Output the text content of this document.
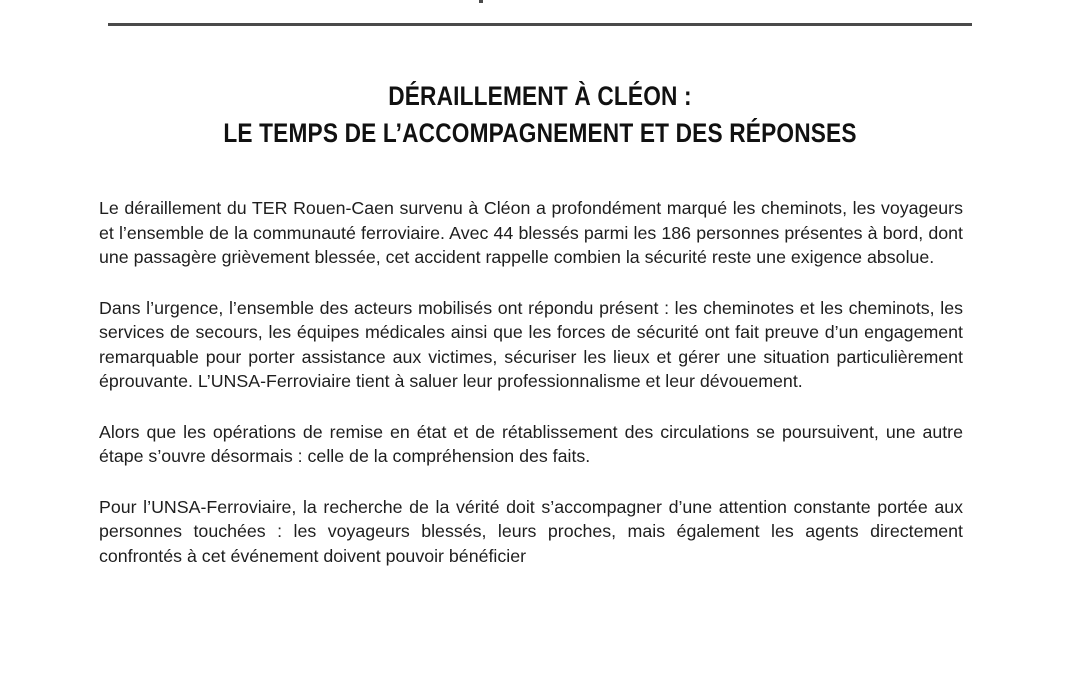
DÉRAILLEMENT À CLÉON :
LE TEMPS DE L’ACCOMPAGNEMENT ET DES RÉPONSES

Le déraillement du TER Rouen-Caen survenu à Cléon a profondément marqué les cheminots, les voyageurs et l’ensemble de la communauté ferroviaire. Avec 44 blessés parmi les 186 personnes présentes à bord, dont une passagère grièvement blessée, cet accident rappelle combien la sécurité reste une exigence absolue.

Dans l’urgence, l’ensemble des acteurs mobilisés ont répondu présent : les cheminotes et les cheminots, les services de secours, les équipes médicales ainsi que les forces de sécurité ont fait preuve d’un engagement remarquable pour porter assistance aux victimes, sécuriser les lieux et gérer une situation particulièrement éprouvante. L’UNSA-Ferroviaire tient à saluer leur professionnalisme et leur dévouement.

Alors que les opérations de remise en état et de rétablissement des circulations se poursuivent, une autre étape s’ouvre désormais : celle de la compréhension des faits.

Pour l’UNSA-Ferroviaire, la recherche de la vérité doit s’accompagner d’une attention constante portée aux personnes touchées : les voyageurs blessés, leurs proches, mais également les agents directement confrontés à cet événement doivent pouvoir bénéficier
